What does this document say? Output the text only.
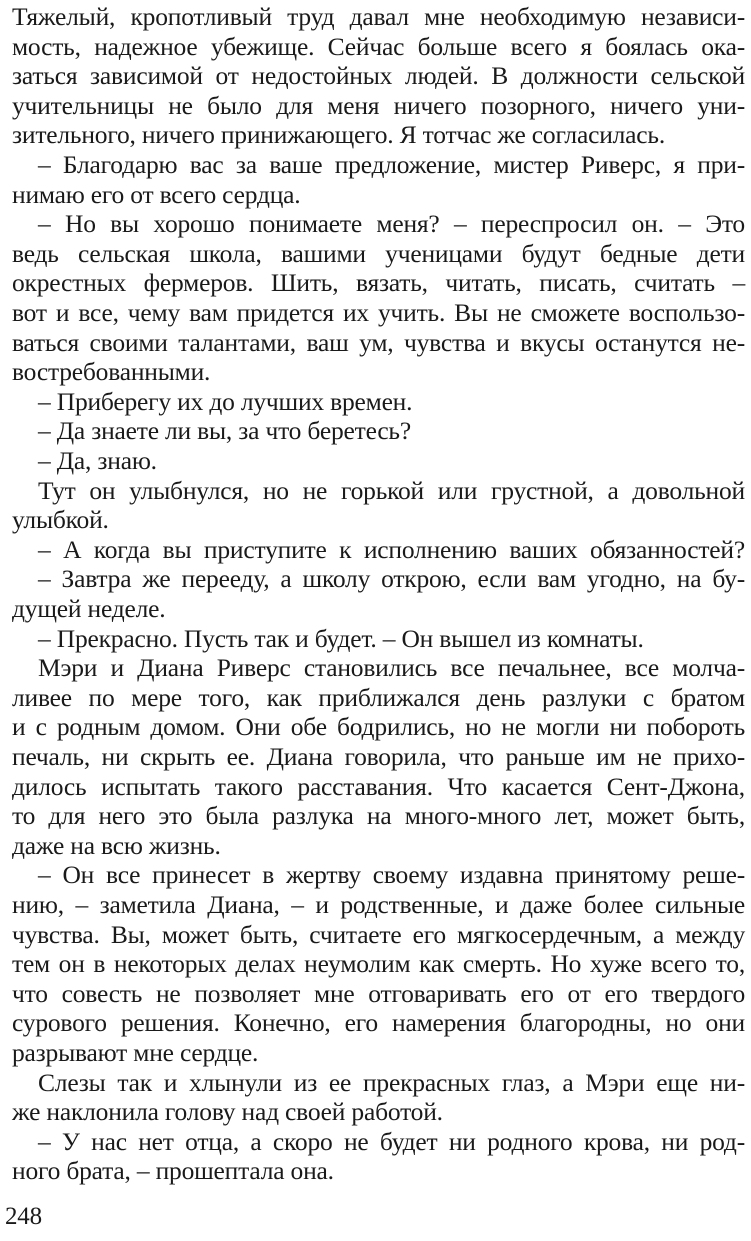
Тяжелый, кропотливый труд давал мне необходимую независи-
мость, надежное убежище. Сейчас больше всего я боялась ока-
заться зависимой от недостойных людей. В должности сельской
учительницы не было для меня ничего позорного, ничего уни-
зительного, ничего принижающего. Я тотчас же согласилась.
– Благодарю вас за ваше предложение, мистер Риверс, я при-
нимаю его от всего сердца.
– Но вы хорошо понимаете меня? – переспросил он. – Это
ведь сельская школа, вашими ученицами будут бедные дети
окрестных фермеров. Шить, вязать, читать, писать, считать –
вот и все, чему вам придется их учить. Вы не сможете воспользо-
ваться своими талантами, ваш ум, чувства и вкусы останутся не-
востребованными.
– Приберегу их до лучших времен.
– Да знаете ли вы, за что беретесь?
– Да, знаю.
Тут он улыбнулся, но не горькой или грустной, а довольной
улыбкой.
– А когда вы приступите к исполнению ваших обязанностей?
– Завтра же перееду, а школу открою, если вам угодно, на бу-
дущей неделе.
– Прекрасно. Пусть так и будет. – Он вышел из комнаты.
Мэри и Диана Риверс становились все печальнее, все молча-
ливее по мере того, как приближался день разлуки с братом
и с родным домом. Они обе бодрились, но не могли ни побороть
печаль, ни скрыть ее. Диана говорила, что раньше им не прихо-
дилось испытать такого расставания. Что касается Сент-Джона,
то для него это была разлука на много-много лет, может быть,
даже на всю жизнь.
– Он все принесет в жертву своему издавна принятому реше-
нию, – заметила Диана, – и родственные, и даже более сильные
чувства. Вы, может быть, считаете его мягкосердечным, а между
тем он в некоторых делах неумолим как смерть. Но хуже всего то,
что совесть не позволяет мне отговаривать его от его твердого
сурового решения. Конечно, его намерения благородны, но они
разрывают мне сердце.
Слезы так и хлынули из ее прекрасных глаз, а Мэри еще ни-
же наклонила голову над своей работой.
– У нас нет отца, а скоро не будет ни родного крова, ни род-
ного брата, – прошептала она.
248
